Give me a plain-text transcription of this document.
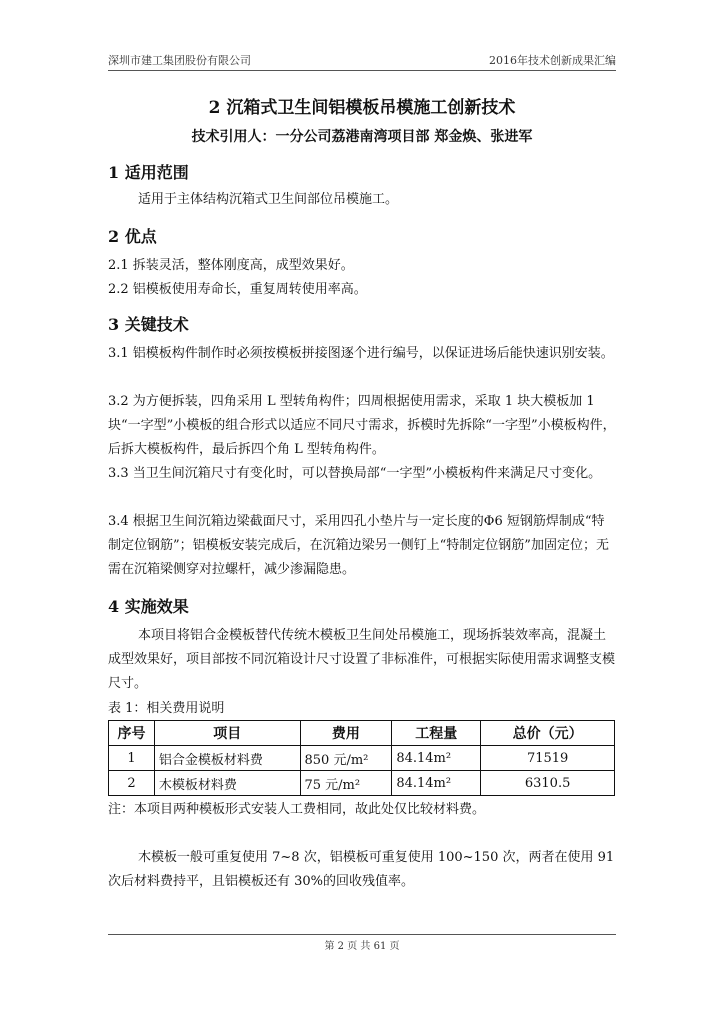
深圳市建工集团股份有限公司	2016年技术创新成果汇编
2 沉箱式卫生间铝模板吊模施工创新技术
技术引用人：一分公司荔港南湾项目部 郑金焕、张进军
1 适用范围
适用于主体结构沉箱式卫生间部位吊模施工。
2 优点
2.1 拆装灵活，整体刚度高，成型效果好。
2.2 铝模板使用寿命长，重复周转使用率高。
3 关键技术
3.1 铝模板构件制作时必须按模板拼接图逐个进行编号，以保证进场后能快速识别安装。
3.2 为方便拆装，四角采用 L 型转角构件；四周根据使用需求，采取 1 块大模板加 1 块“一字型”小模板的组合形式以适应不同尺寸需求，拆模时先拆除“一字型”小模板构件，后拆大模板构件，最后拆四个角 L 型转角构件。
3.3 当卫生间沉箱尺寸有变化时，可以替换局部“一字型”小模板构件来满足尺寸变化。
3.4 根据卫生间沉箱边梁截面尺寸，采用四孔小垫片与一定长度的Φ6 短钢筋焊制成“特制定位钢筋”；铝模板安装完成后，在沉箱边梁另一侧钉上“特制定位钢筋”加固定位；无需在沉箱梁侧穿对拉螺杆，减少渗漏隐患。
4 实施效果
本项目将铝合金模板替代传统木模板卫生间处吊模施工，现场拆装效率高，混凝土成型效果好，项目部按不同沉箱设计尺寸设置了非标准件，可根据实际使用需求调整支模尺寸。
表 1：相关费用说明
序号	项目	费用	工程量	总价（元）
1	铝合金模板材料费	850 元/m²	84.14m²	71519
2	木模板材料费	75 元/m²	84.14m²	6310.5
注：本项目两种模板形式安装人工费相同，故此处仅比较材料费。
木模板一般可重复使用 7~8 次，铝模板可重复使用 100~150 次，两者在使用 91 次后材料费持平，且铝模板还有 30%的回收残值率。
第 2 页 共 61 页
